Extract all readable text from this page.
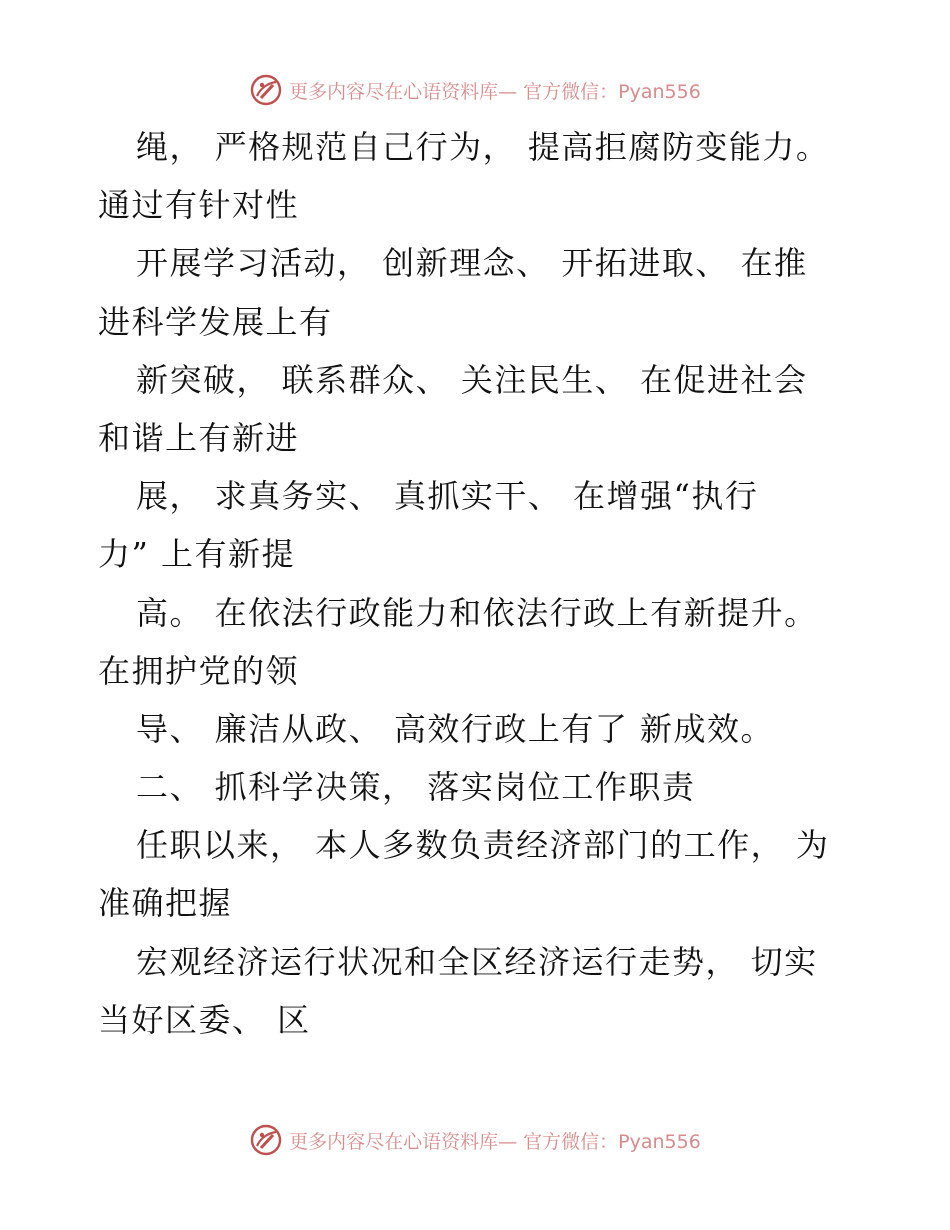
更多内容尽在心语资料库— 官方微信：Pyan556
绳， 严格规范自己行为， 提高拒腐防变能力。
通过有针对性
开展学习活动， 创新理念、 开拓进取、 在推
进科学发展上有
新突破， 联系群众、 关注民生、 在促进社会
和谐上有新进
展， 求真务实、 真抓实干、 在增强“执行
力” 上有新提
高。 在依法行政能力和依法行政上有新提升。
在拥护党的领
导、 廉洁从政、 高效行政上有了 新成效。
二、 抓科学决策， 落实岗位工作职责
任职以来， 本人多数负责经济部门的工作， 为
准确把握
宏观经济运行状况和全区经济运行走势， 切实
当好区委、 区
更多内容尽在心语资料库— 官方微信：Pyan556
